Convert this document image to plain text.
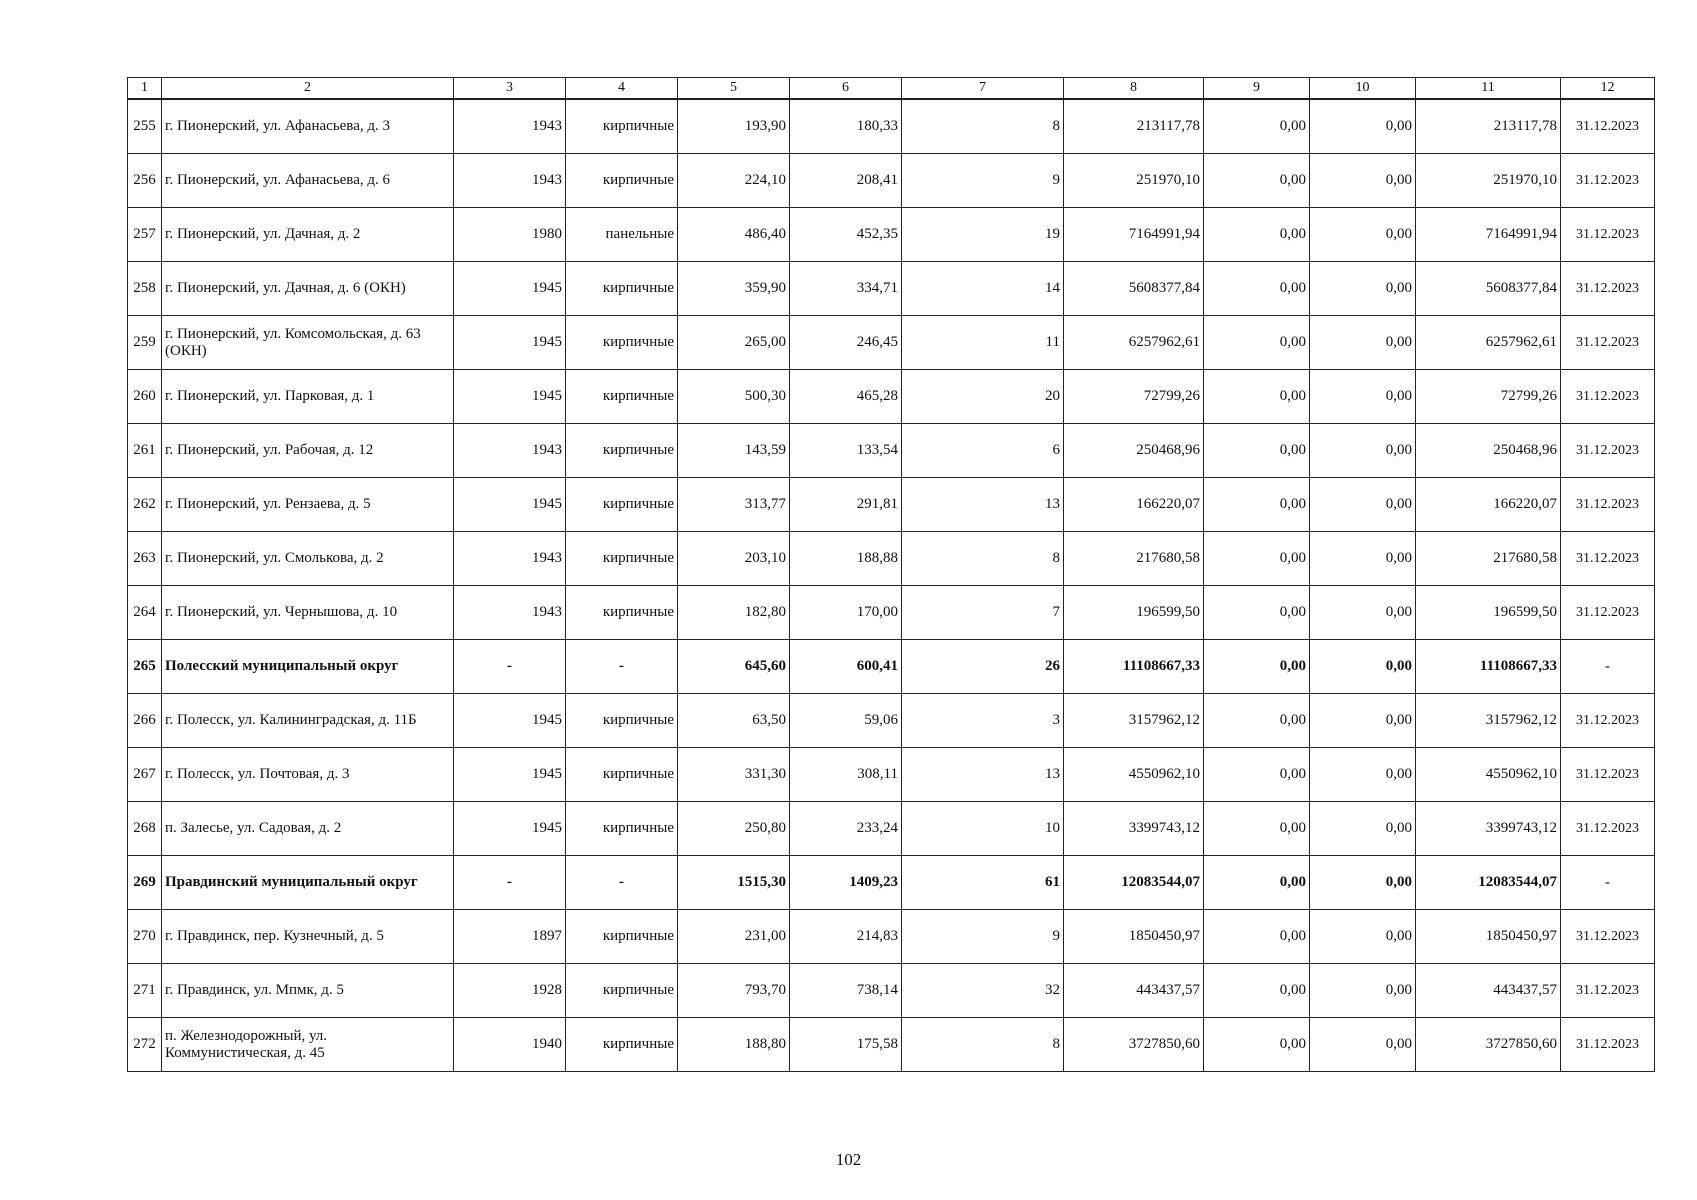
1	2	3	4	5	6	7	8	9	10	11	12
255	г. Пионерский, ул. Афанасьева, д. 3	1943	кирпичные	193,90	180,33	8	213117,78	0,00	0,00	213117,78	31.12.2023
256	г. Пионерский, ул. Афанасьева, д. 6	1943	кирпичные	224,10	208,41	9	251970,10	0,00	0,00	251970,10	31.12.2023
257	г. Пионерский, ул. Дачная, д. 2	1980	панельные	486,40	452,35	19	7164991,94	0,00	0,00	7164991,94	31.12.2023
258	г. Пионерский, ул. Дачная, д. 6 (ОКН)	1945	кирпичные	359,90	334,71	14	5608377,84	0,00	0,00	5608377,84	31.12.2023
259	г. Пионерский, ул. Комсомольская, д. 63 (ОКН)	1945	кирпичные	265,00	246,45	11	6257962,61	0,00	0,00	6257962,61	31.12.2023
260	г. Пионерский, ул. Парковая, д. 1	1945	кирпичные	500,30	465,28	20	72799,26	0,00	0,00	72799,26	31.12.2023
261	г. Пионерский, ул. Рабочая, д. 12	1943	кирпичные	143,59	133,54	6	250468,96	0,00	0,00	250468,96	31.12.2023
262	г. Пионерский, ул. Рензаева, д. 5	1945	кирпичные	313,77	291,81	13	166220,07	0,00	0,00	166220,07	31.12.2023
263	г. Пионерский, ул. Смолькова, д. 2	1943	кирпичные	203,10	188,88	8	217680,58	0,00	0,00	217680,58	31.12.2023
264	г. Пионерский, ул. Чернышова, д. 10	1943	кирпичные	182,80	170,00	7	196599,50	0,00	0,00	196599,50	31.12.2023
265	Полесский муниципальный округ	-	-	645,60	600,41	26	11108667,33	0,00	0,00	11108667,33	-
266	г. Полесск, ул. Калининградская, д. 11Б	1945	кирпичные	63,50	59,06	3	3157962,12	0,00	0,00	3157962,12	31.12.2023
267	г. Полесск, ул. Почтовая, д. 3	1945	кирпичные	331,30	308,11	13	4550962,10	0,00	0,00	4550962,10	31.12.2023
268	п. Залесье, ул. Садовая, д. 2	1945	кирпичные	250,80	233,24	10	3399743,12	0,00	0,00	3399743,12	31.12.2023
269	Правдинский муниципальный округ	-	-	1515,30	1409,23	61	12083544,07	0,00	0,00	12083544,07	-
270	г. Правдинск, пер. Кузнечный, д. 5	1897	кирпичные	231,00	214,83	9	1850450,97	0,00	0,00	1850450,97	31.12.2023
271	г. Правдинск, ул. Мпмк, д. 5	1928	кирпичные	793,70	738,14	32	443437,57	0,00	0,00	443437,57	31.12.2023
272	п. Железнодорожный, ул. Коммунистическая, д. 45	1940	кирпичные	188,80	175,58	8	3727850,60	0,00	0,00	3727850,60	31.12.2023
102
